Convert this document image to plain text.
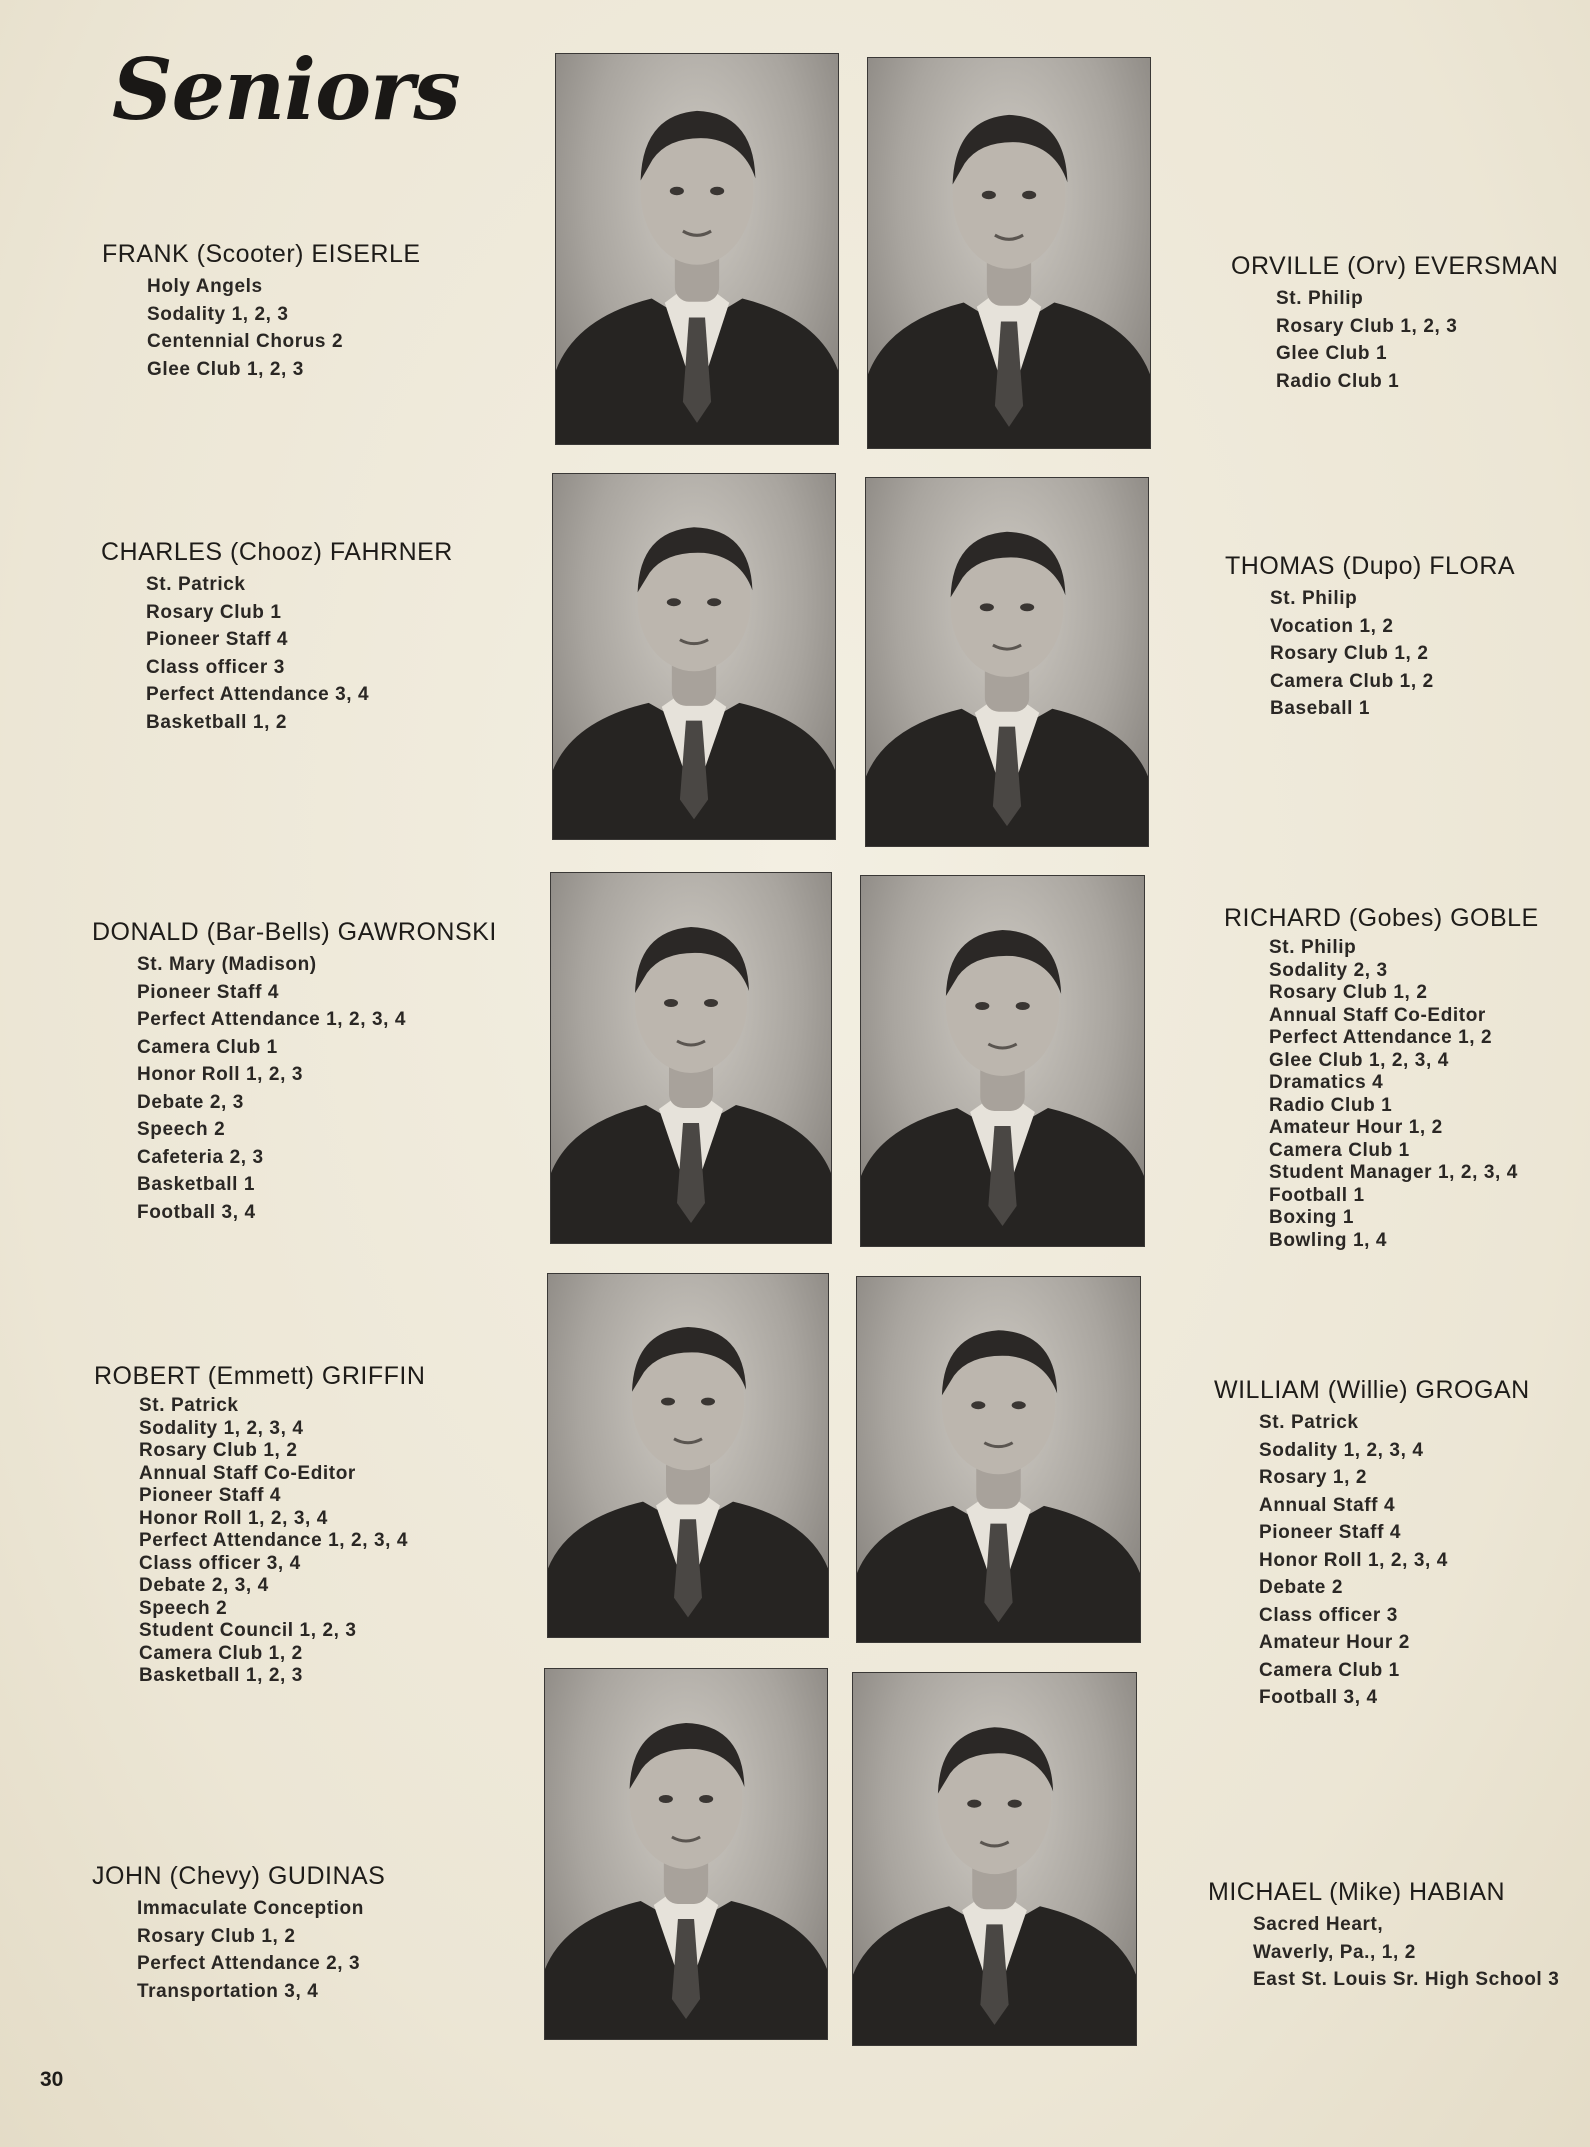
Seniors
FRANK (Scooter) EISERLE
Holy Angels
Sodality 1, 2, 3
Centennial Chorus 2
Glee Club 1, 2, 3
ORVILLE (Orv) EVERSMAN
St. Philip
Rosary Club 1, 2, 3
Glee Club 1
Radio Club 1
CHARLES (Chooz) FAHRNER
St. Patrick
Rosary Club 1
Pioneer Staff 4
Class officer 3
Perfect Attendance 3, 4
Basketball 1, 2
THOMAS (Dupo) FLORA
St. Philip
Vocation 1, 2
Rosary Club 1, 2
Camera Club 1, 2
Baseball 1
DONALD (Bar-Bells) GAWRONSKI
St. Mary (Madison)
Pioneer Staff 4
Perfect Attendance 1, 2, 3, 4
Camera Club 1
Honor Roll 1, 2, 3
Debate 2, 3
Speech 2
Cafeteria 2, 3
Basketball 1
Football 3, 4
RICHARD (Gobes) GOBLE
St. Philip
Sodality 2, 3
Rosary Club 1, 2
Annual Staff Co-Editor
Perfect Attendance 1, 2
Glee Club 1, 2, 3, 4
Dramatics 4
Radio Club 1
Amateur Hour 1, 2
Camera Club 1
Student Manager 1, 2, 3, 4
Football 1
Boxing 1
Bowling 1, 4
ROBERT (Emmett) GRIFFIN
St. Patrick
Sodality 1, 2, 3, 4
Rosary Club 1, 2
Annual Staff Co-Editor
Pioneer Staff 4
Honor Roll 1, 2, 3, 4
Perfect Attendance 1, 2, 3, 4
Class officer 3, 4
Debate 2, 3, 4
Speech 2
Student Council 1, 2, 3
Camera Club 1, 2
Basketball 1, 2, 3
WILLIAM (Willie) GROGAN
St. Patrick
Sodality 1, 2, 3, 4
Rosary 1, 2
Annual Staff 4
Pioneer Staff 4
Honor Roll 1, 2, 3, 4
Debate 2
Class officer 3
Amateur Hour 2
Camera Club 1
Football 3, 4
JOHN (Chevy) GUDINAS
Immaculate Conception
Rosary Club 1, 2
Perfect Attendance 2, 3
Transportation 3, 4
MICHAEL (Mike) HABIAN
Sacred Heart,
Waverly, Pa., 1, 2
East St. Louis Sr. High School 3
30
